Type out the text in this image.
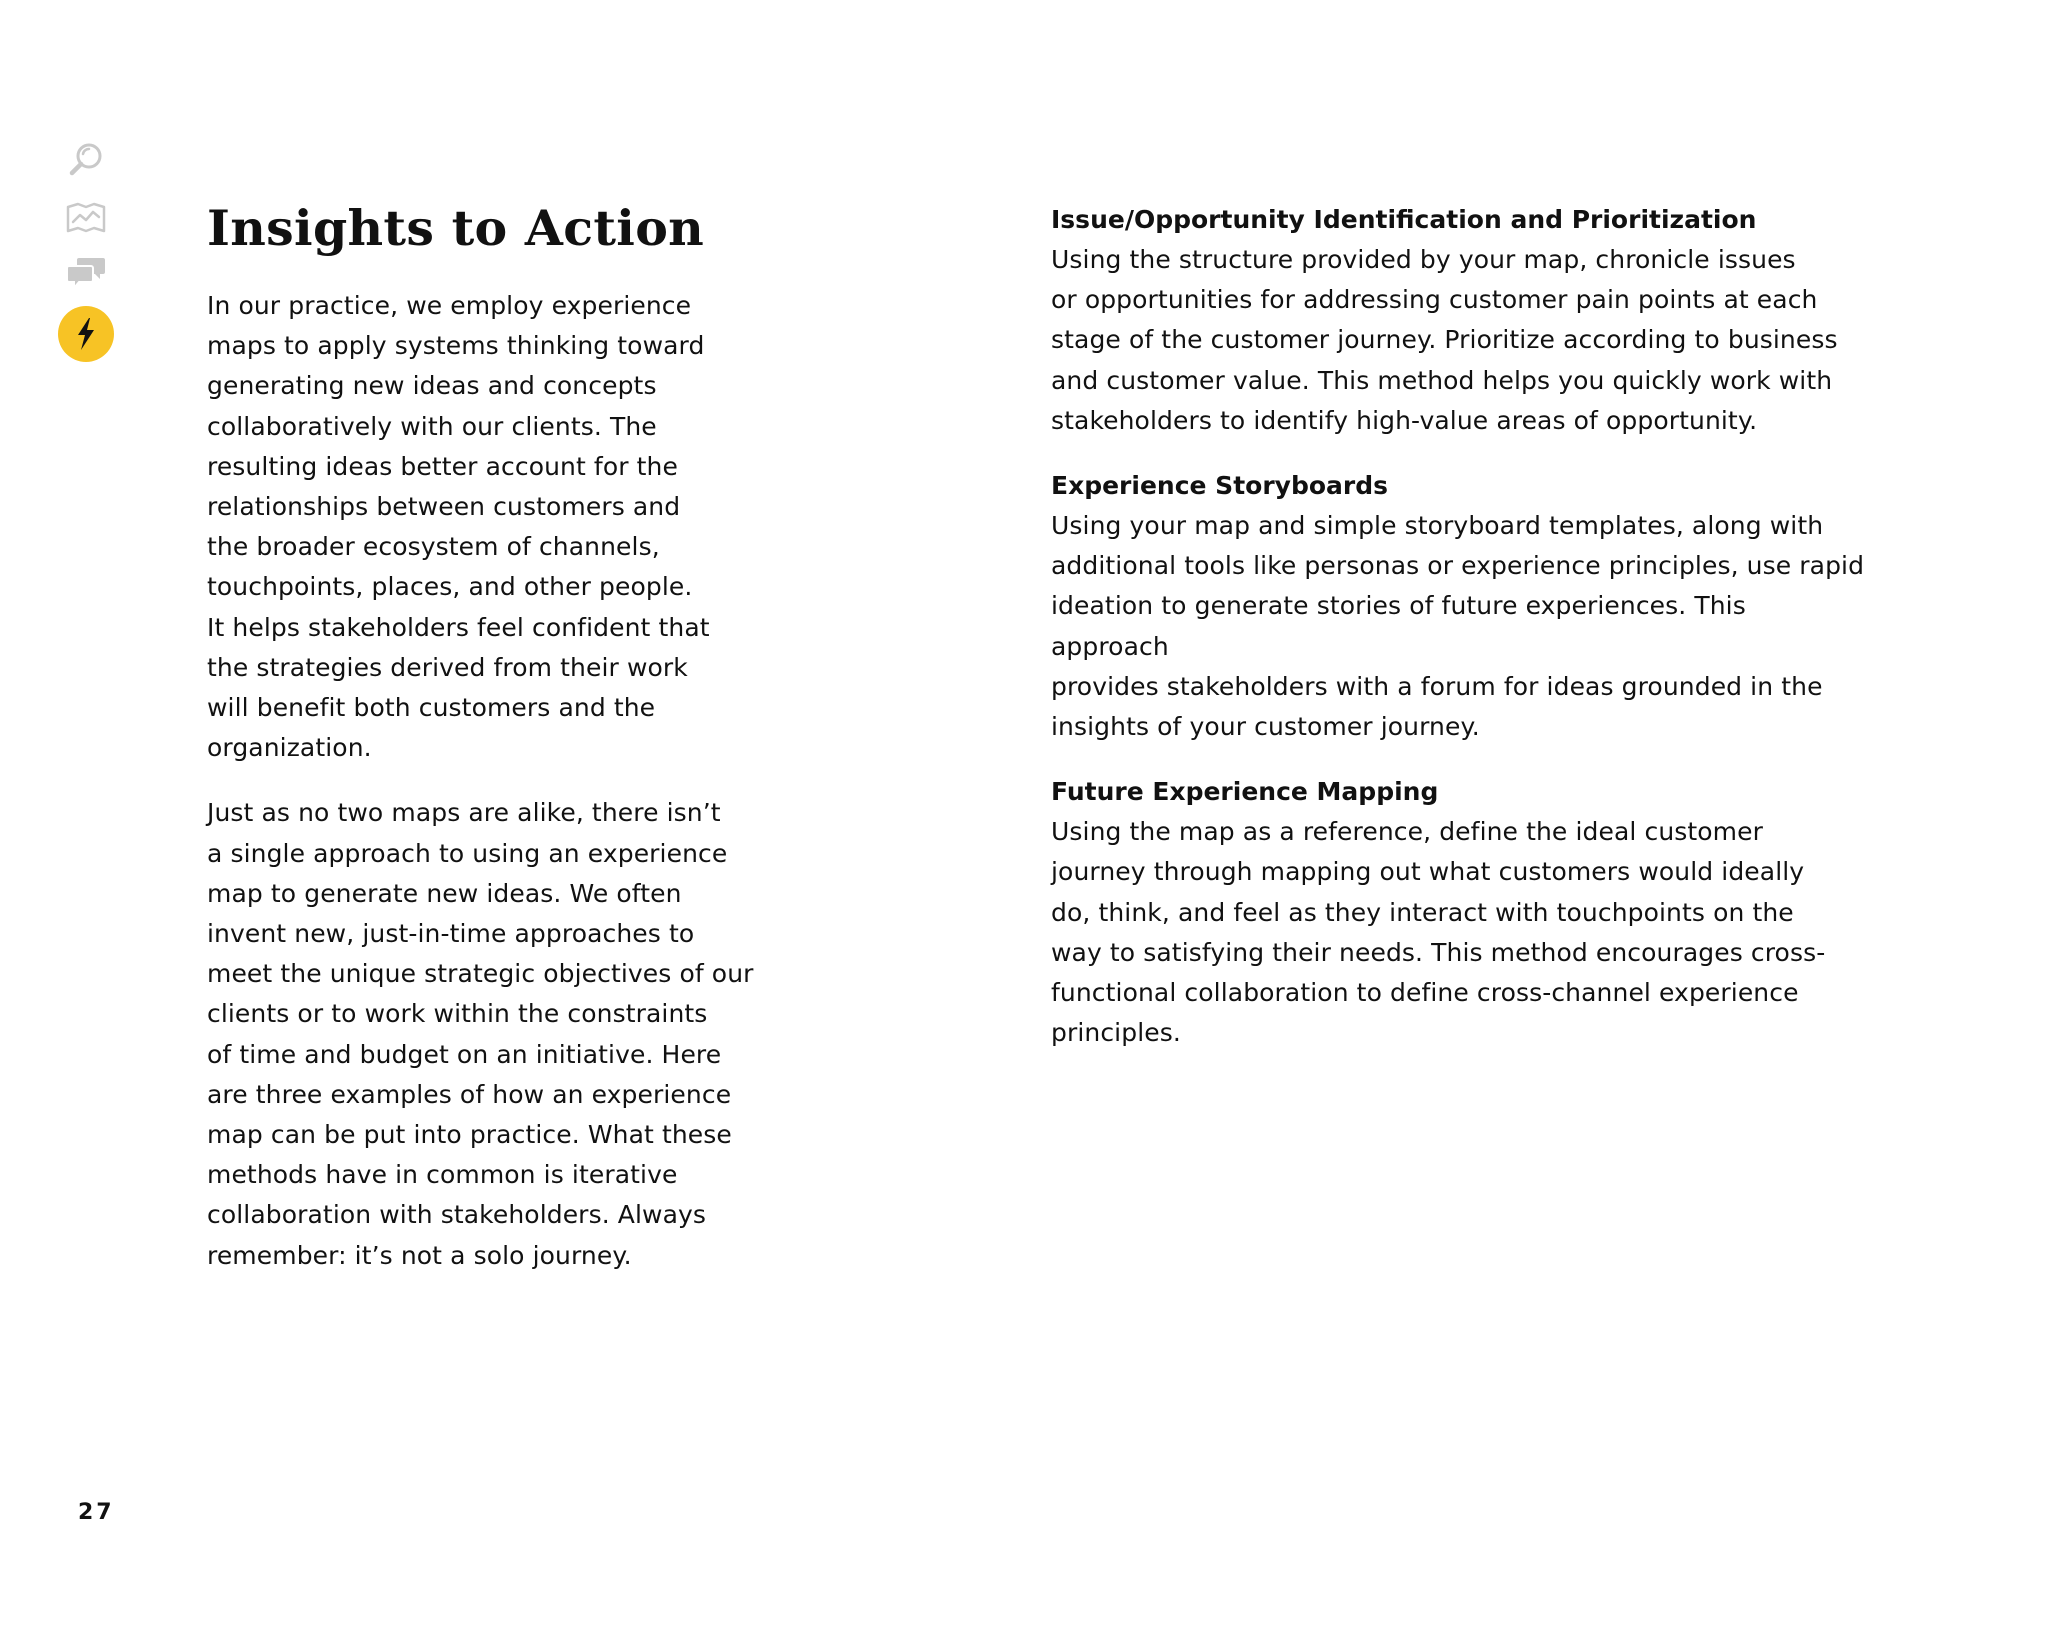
Insights to Action

In our practice, we employ experience
maps to apply systems thinking toward
generating new ideas and concepts
collaboratively with our clients. The
resulting ideas better account for the
relationships between customers and
the broader ecosystem of channels,
touchpoints, places, and other people.
It helps stakeholders feel confident that
the strategies derived from their work
will benefit both customers and the
organization.

Just as no two maps are alike, there isn’t
a single approach to using an experience
map to generate new ideas. We often
invent new, just-in-time approaches to
meet the unique strategic objectives of our
clients or to work within the constraints
of time and budget on an initiative. Here
are three examples of how an experience
map can be put into practice. What these
methods have in common is iterative
collaboration with stakeholders. Always
remember: it’s not a solo journey.

Issue/Opportunity Identification and Prioritization

Using the structure provided by your map, chronicle issues
or opportunities for addressing customer pain points at each
stage of the customer journey. Prioritize according to business
and customer value. This method helps you quickly work with
stakeholders to identify high-value areas of opportunity.

Experience Storyboards

Using your map and simple storyboard templates, along with
additional tools like personas or experience principles, use rapid
ideation to generate stories of future experiences. This approach
provides stakeholders with a forum for ideas grounded in the
insights of your customer journey.

Future Experience Mapping

Using the map as a reference, define the ideal customer
journey through mapping out what customers would ideally
do, think, and feel as they interact with touchpoints on the
way to satisfying their needs. This method encourages cross-
functional collaboration to define cross-channel experience
principles.

27
